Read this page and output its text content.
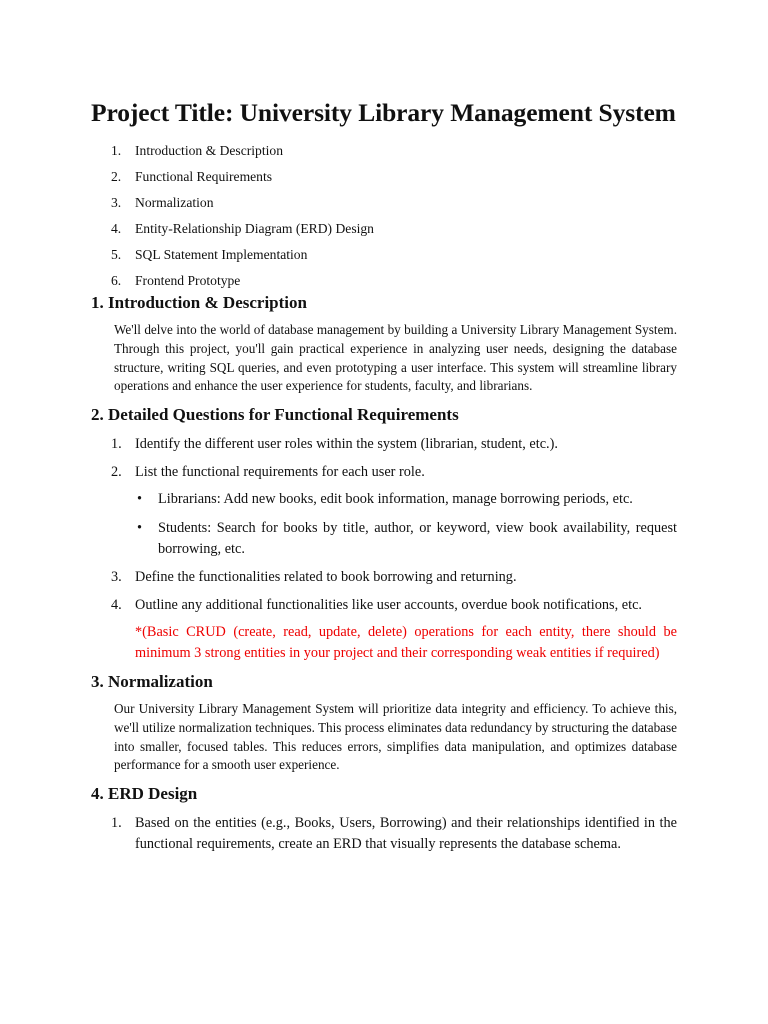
Project Title: University Library Management System
1. Introduction & Description
2. Functional Requirements
3. Normalization
4. Entity-Relationship Diagram (ERD) Design
5. SQL Statement Implementation
6. Frontend Prototype
1. Introduction & Description

We'll delve into the world of database management by building a University Library Management System. Through this project, you'll gain practical experience in analyzing user needs, designing the database structure, writing SQL queries, and even prototyping a user interface. This system will streamline library operations and enhance the user experience for students, faculty, and librarians.

2. Detailed Questions for Functional Requirements
1. Identify the different user roles within the system (librarian, student, etc.).
2. List the functional requirements for each user role.
• Librarians: Add new books, edit book information, manage borrowing periods, etc.
• Students: Search for books by title, author, or keyword, view book availability, request borrowing, etc.
3. Define the functionalities related to book borrowing and returning.
4. Outline any additional functionalities like user accounts, overdue book notifications, etc.

*(Basic CRUD (create, read, update, delete) operations for each entity, there should be minimum 3 strong entities in your project and their corresponding weak entities if required)

3. Normalization

Our University Library Management System will prioritize data integrity and efficiency. To achieve this, we'll utilize normalization techniques. This process eliminates data redundancy by structuring the database into smaller, focused tables. This reduces errors, simplifies data manipulation, and optimizes database performance for a smooth user experience.

4. ERD Design
1. Based on the entities (e.g., Books, Users, Borrowing) and their relationships identified in the functional requirements, create an ERD that visually represents the database schema.
